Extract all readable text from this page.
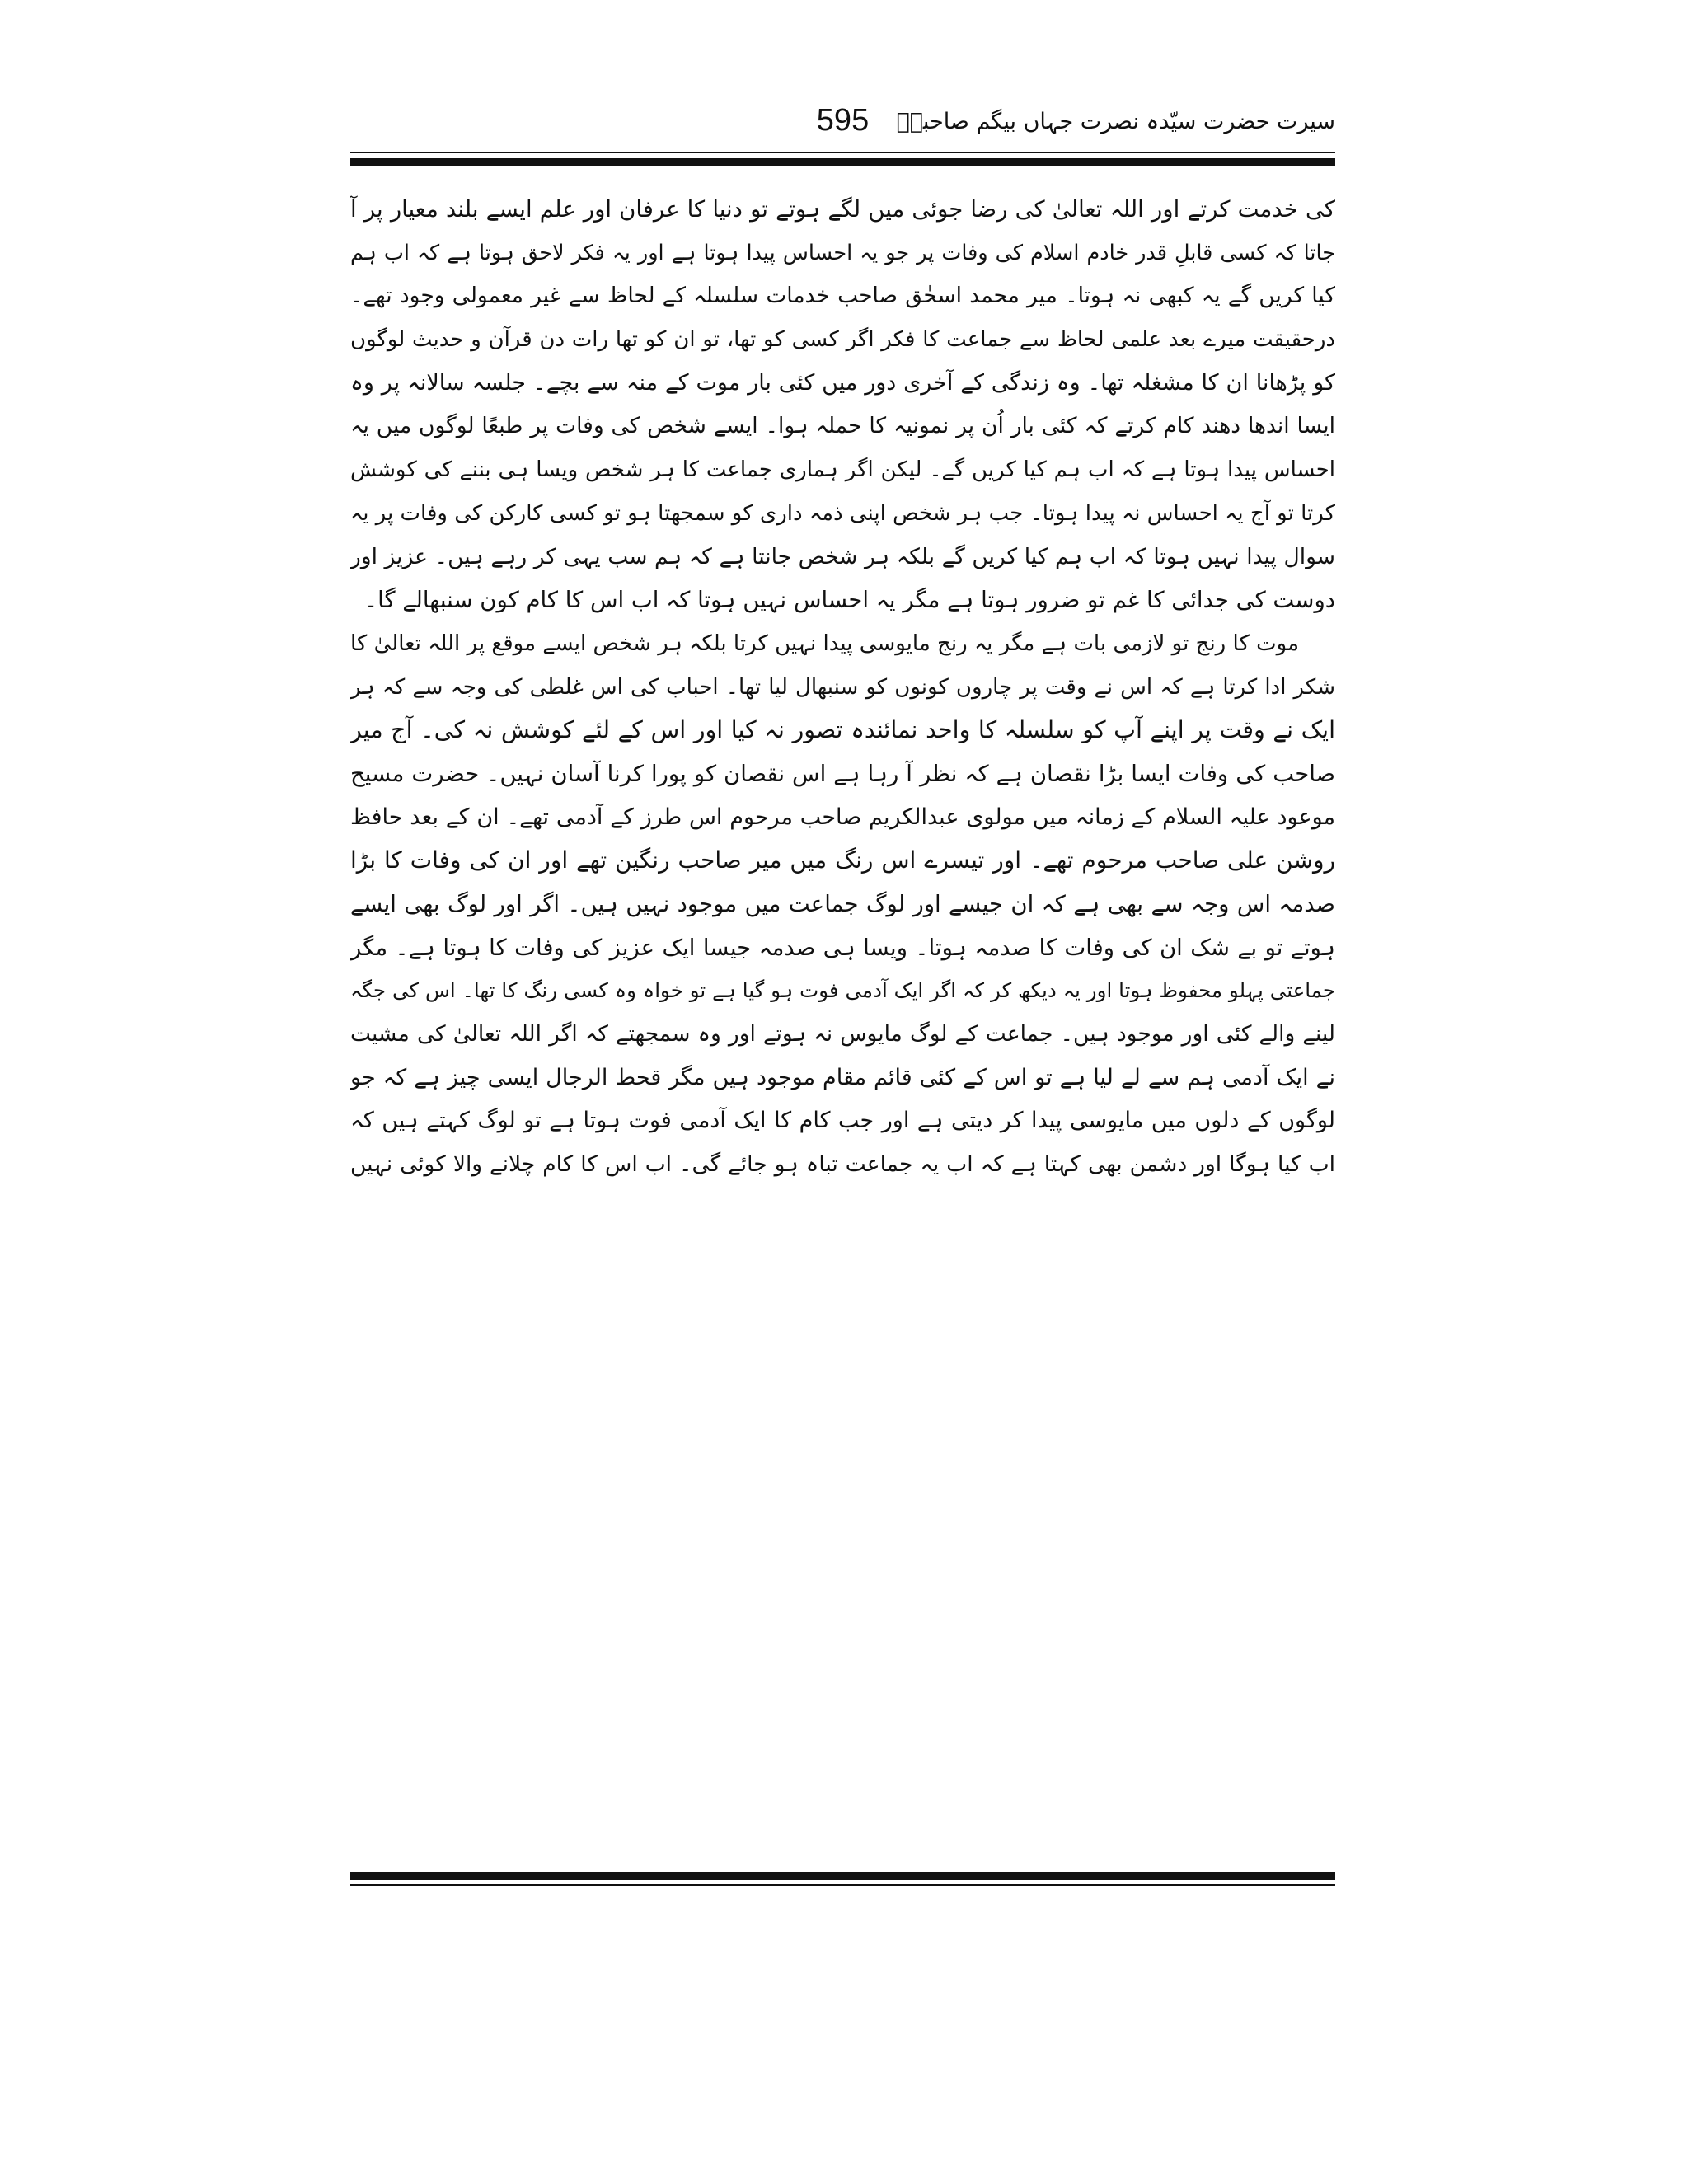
595	سیرت حضرت سیّدہ نصرت جہاں بیگم صاحبہؓ
کی خدمت کرتے اور اللہ تعالیٰ کی رضا جوئی میں لگے ہوتے تو دنیا کا عرفان اور علم ایسے بلند معیار پر آ
جاتا کہ کسی قابلِ قدر خادم اسلام کی وفات پر جو یہ احساس پیدا ہوتا ہے اور یہ فکر لاحق ہوتا ہے کہ اب ہم
کیا کریں گے یہ کبھی نہ ہوتا۔ میر محمد اسحٰق صاحب خدمات سلسلہ کے لحاظ سے غیر معمولی وجود تھے۔
درحقیقت میرے بعد علمی لحاظ سے جماعت کا فکر اگر کسی کو تھا، تو ان کو تھا رات دن قرآن و حدیث لوگوں
کو پڑھانا ان کا مشغلہ تھا۔ وہ زندگی کے آخری دور میں کئی بار موت کے منہ سے بچے۔ جلسہ سالانہ پر وہ
ایسا اندھا دھند کام کرتے کہ کئی بار اُن پر نمونیہ کا حملہ ہوا۔ ایسے شخص کی وفات پر طبعًا لوگوں میں یہ
احساس پیدا ہوتا ہے کہ اب ہم کیا کریں گے۔ لیکن اگر ہماری جماعت کا ہر شخص ویسا ہی بننے کی کوشش
کرتا تو آج یہ احساس نہ پیدا ہوتا۔ جب ہر شخص اپنی ذمہ داری کو سمجھتا ہو تو کسی کارکن کی وفات پر یہ
سوال پیدا نہیں ہوتا کہ اب ہم کیا کریں گے بلکہ ہر شخص جانتا ہے کہ ہم سب یہی کر رہے ہیں۔ عزیز اور
دوست کی جدائی کا غم تو ضرور ہوتا ہے مگر یہ احساس نہیں ہوتا کہ اب اس کا کام کون سنبھالے گا۔
موت کا رنج تو لازمی بات ہے مگر یہ رنج مایوسی پیدا نہیں کرتا بلکہ ہر شخص ایسے موقع پر اللہ تعالیٰ کا
شکر ادا کرتا ہے کہ اس نے وقت پر چاروں کونوں کو سنبھال لیا تھا۔ احباب کی اس غلطی کی وجہ سے کہ ہر
ایک نے وقت پر اپنے آپ کو سلسلہ کا واحد نمائندہ تصور نہ کیا اور اس کے لئے کوشش نہ کی۔ آج میر
صاحب کی وفات ایسا بڑا نقصان ہے کہ نظر آ رہا ہے اس نقصان کو پورا کرنا آسان نہیں۔ حضرت مسیح
موعود علیہ السلام کے زمانہ میں مولوی عبدالکریم صاحب مرحوم اس طرز کے آدمی تھے۔ ان کے بعد حافظ
روشن علی صاحب مرحوم تھے۔ اور تیسرے اس رنگ میں میر صاحب رنگین تھے اور ان کی وفات کا بڑا
صدمہ اس وجہ سے بھی ہے کہ ان جیسے اور لوگ جماعت میں موجود نہیں ہیں۔ اگر اور لوگ بھی ایسے
ہوتے تو بے شک ان کی وفات کا صدمہ ہوتا۔ ویسا ہی صدمہ جیسا ایک عزیز کی وفات کا ہوتا ہے۔ مگر
جماعتی پہلو محفوظ ہوتا اور یہ دیکھ کر کہ اگر ایک آدمی فوت ہو گیا ہے تو خواہ وہ کسی رنگ کا تھا۔ اس کی جگہ
لینے والے کئی اور موجود ہیں۔ جماعت کے لوگ مایوس نہ ہوتے اور وہ سمجھتے کہ اگر اللہ تعالیٰ کی مشیت
نے ایک آدمی ہم سے لے لیا ہے تو اس کے کئی قائم مقام موجود ہیں مگر قحط الرجال ایسی چیز ہے کہ جو
لوگوں کے دلوں میں مایوسی پیدا کر دیتی ہے اور جب کام کا ایک آدمی فوت ہوتا ہے تو لوگ کہتے ہیں کہ
اب کیا ہوگا اور دشمن بھی کہتا ہے کہ اب یہ جماعت تباہ ہو جائے گی۔ اب اس کا کام چلانے والا کوئی نہیں
